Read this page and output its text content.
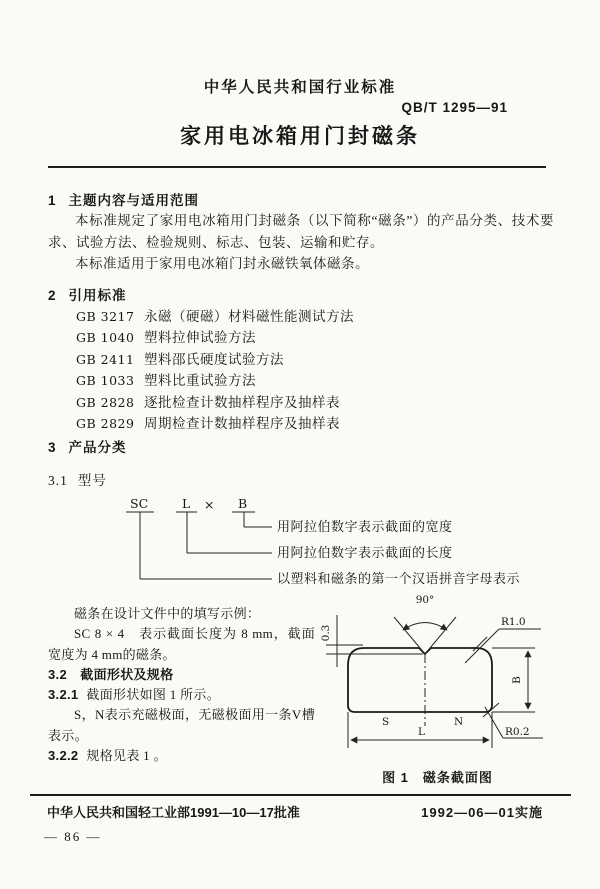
中华人民共和国行业标准
QB/T 1295—91
家用电冰箱用门封磁条
1 主题内容与适用范围
本标准规定了家用电冰箱用门封磁条（以下简称“磁条”）的产品分类、技术要求、试验方法、检验规则、标志、包装、运输和贮存。
本标准适用于家用电冰箱门封永磁铁氧体磁条。
2 引用标准
GB 3217 永磁（硬磁）材料磁性能测试方法
GB 1040 塑料拉伸试验方法
GB 2411 塑料邵氏硬度试验方法
GB 1033 塑料比重试验方法
GB 2828 逐批检查计数抽样程序及抽样表
GB 2829 周期检查计数抽样程序及抽样表
3 产品分类
3.1 型号
SC	L × B
用阿拉伯数字表示截面的宽度
用阿拉伯数字表示截面的长度
以塑料和磁条的第一个汉语拼音字母表示

磁条在设计文件中的填写示例：

SC 8 × 4　表示截面长度为 8 mm，截面宽度为 4 mm的磁条。

3.2　 截面形状及规格

3.2.1 截面形状如图 1 所示。

S，N表示充磁极面，无磁极面用一条V槽表示。

3.2.2 规格见表 1 。

90°
0.3
B
R1.0
R0.2
S	N
L
图 1 磁条截面图
中华人民共和国轻工业部1991—10—17批准	1992—06—01实施
— 86 —
